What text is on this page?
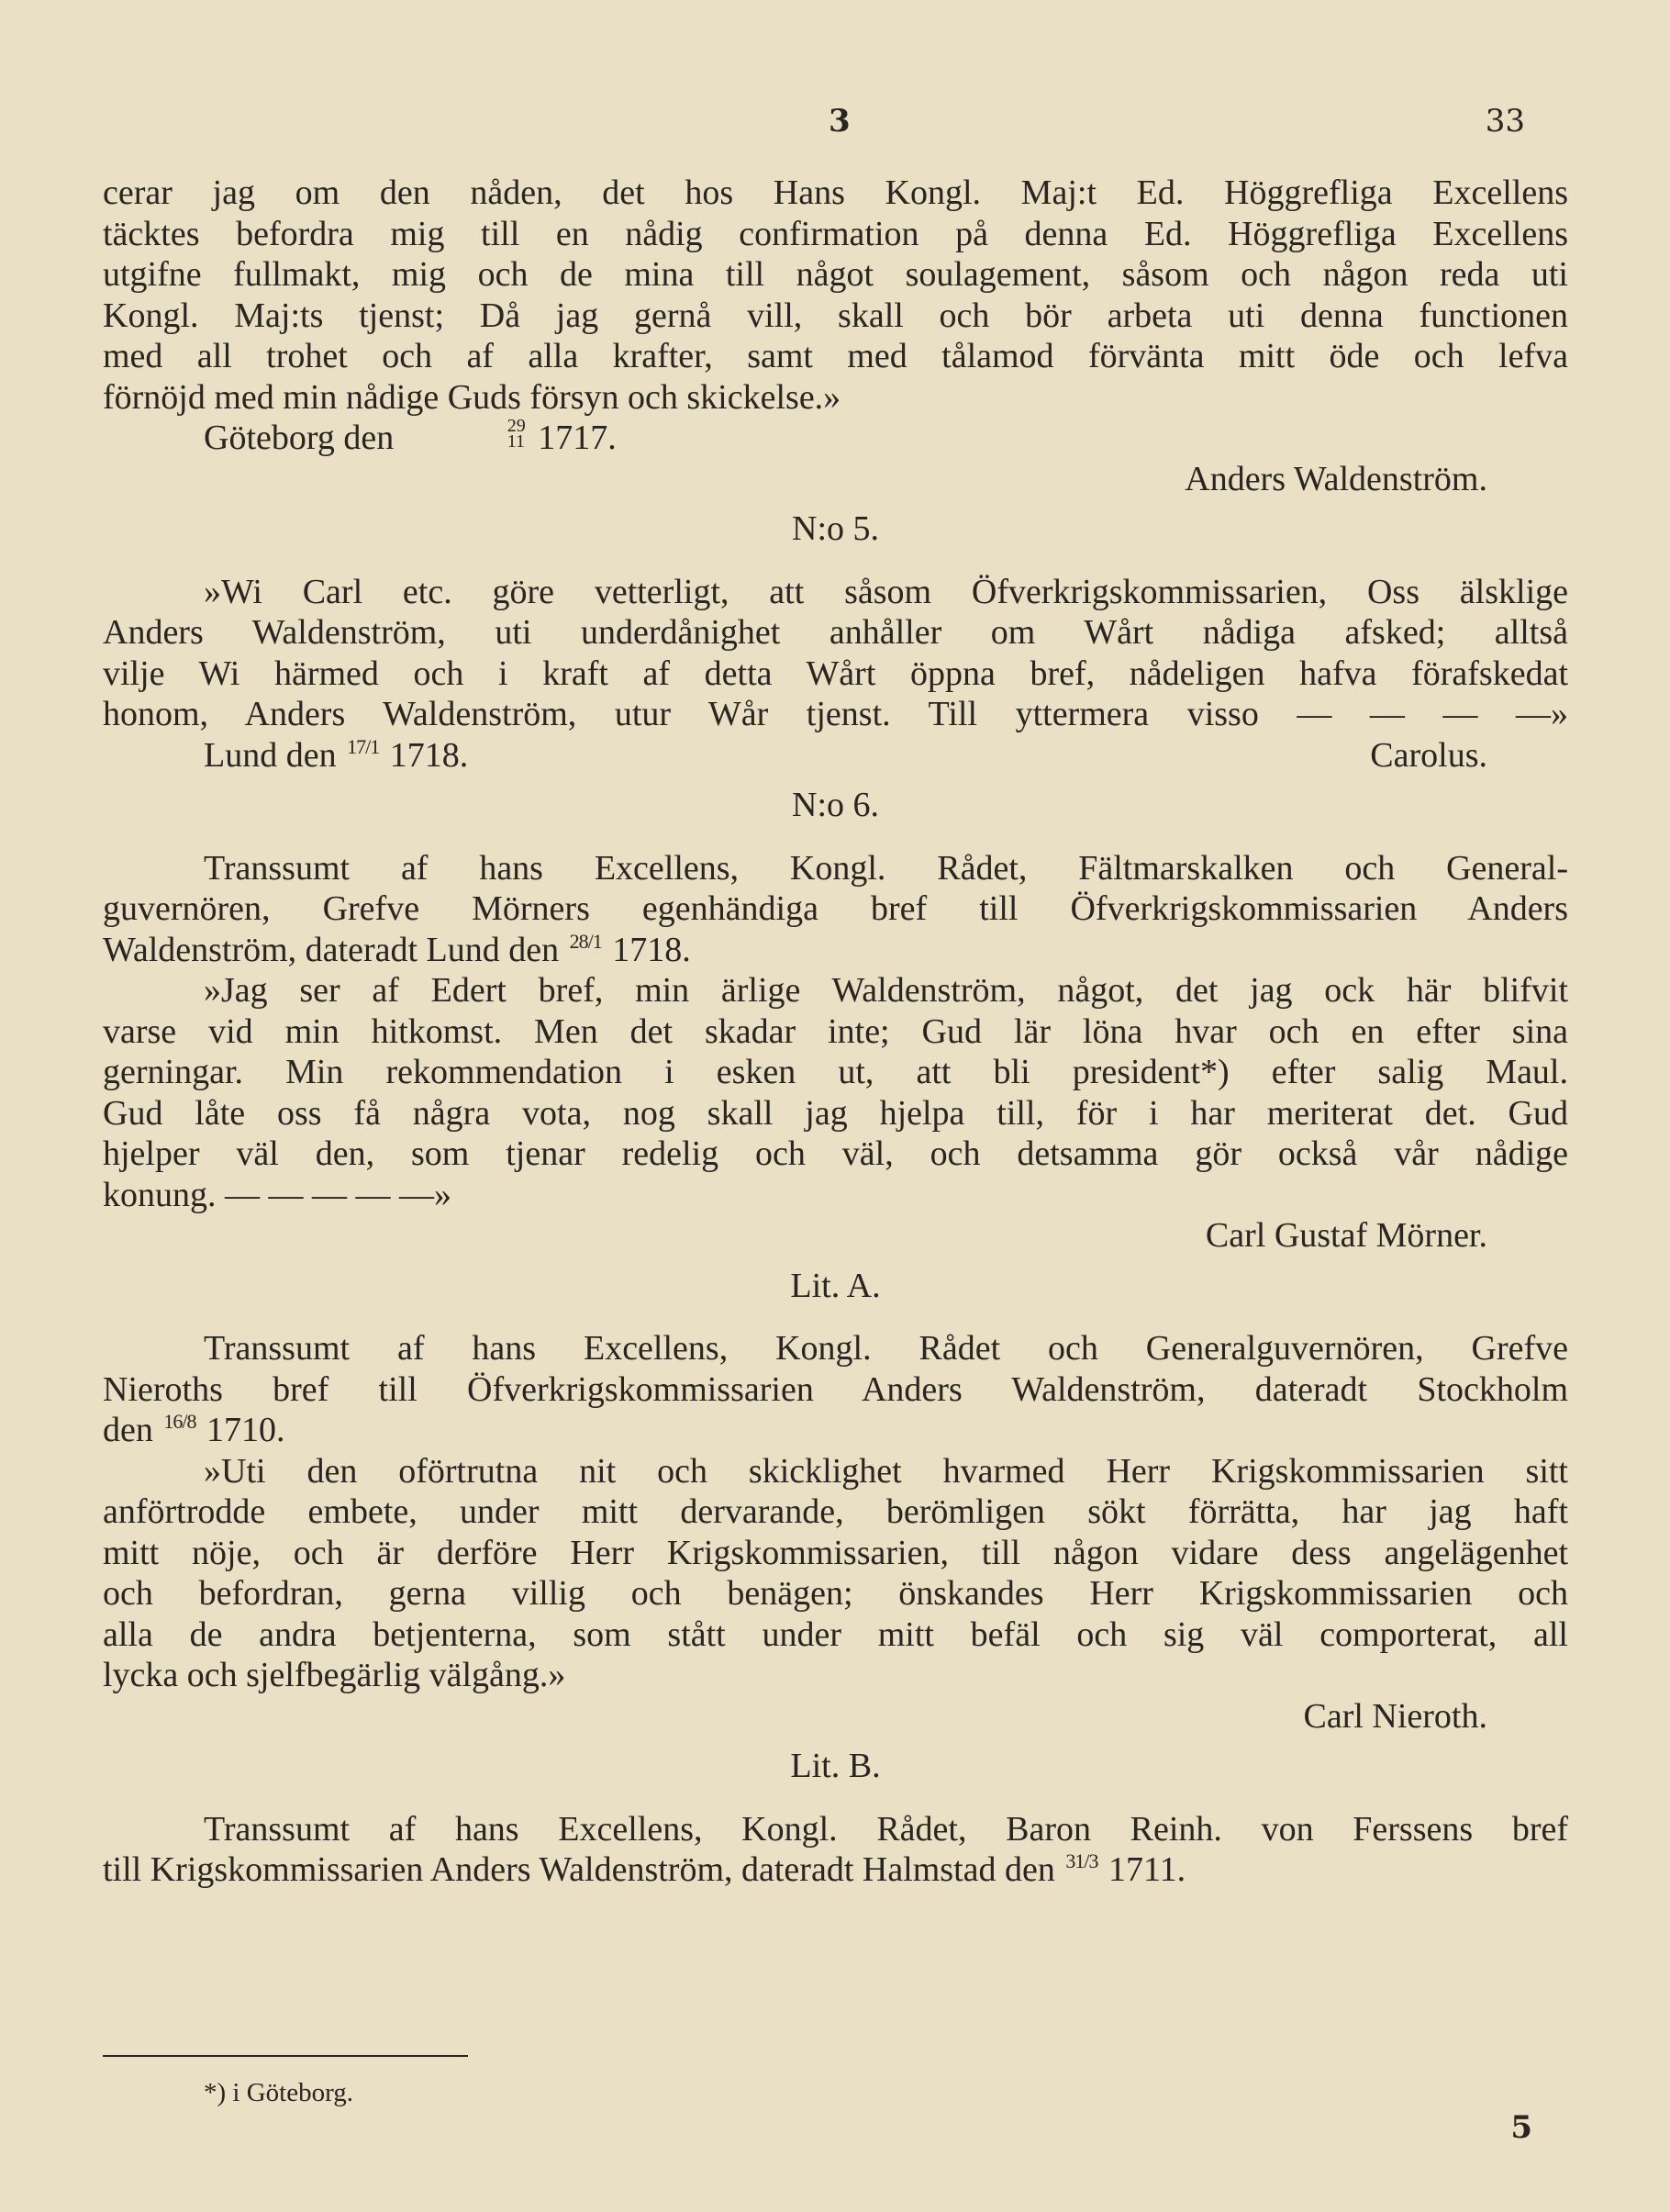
3	33
cerar jag om den nåden, det hos Hans Kongl. Maj:t Ed. Höggrefliga Excellens
täcktes befordra mig till en nådig confirmation på denna Ed. Höggrefliga Excellens
utgifne fullmakt, mig och de mina till något soulagement, såsom och någon reda uti
Kongl. Maj:ts tjenst; Då jag gernå vill, skall och bör arbeta uti denna functionen
med all trohet och af alla krafter, samt med tålamod förvänta mitt öde och lefva
förnöjd med min nådige Guds försyn och skickelse.»
Göteborg den	29
11 1717.
Anders Waldenström.
N:o 5.
»Wi Carl etc. göre vetterligt, att såsom Öfverkrigskommissarien, Oss älsklige
Anders Waldenström, uti underdånighet anhåller om Wårt nådiga afsked; alltså
vilje Wi härmed och i kraft af detta Wårt öppna bref, nådeligen hafva förafskedat
honom, Anders Waldenström, utur Wår tjenst. Till yttermera visso — — — —»
Lund den $^{17/1}$ 1718.	Carolus.
N:o 6.
Transsumt af hans Excellens, Kongl. Rådet, Fältmarskalken och General-
guvernören, Grefve Mörners egenhändiga bref till Öfverkrigskommissarien Anders
Waldenström, dateradt Lund den $^{28/1}$ 1718.
»Jag ser af Edert bref, min ärlige Waldenström, något, det jag ock här blifvit
varse vid min hitkomst. Men det skadar inte; Gud lär löna hvar och en efter sina
gerningar. Min rekommendation i esken ut, att bli president*) efter salig Maul.
Gud låte oss få några vota, nog skall jag hjelpa till, för i har meriterat det. Gud
hjelper väl den, som tjenar redelig och väl, och detsamma gör också vår nådige
konung. — — — — —»
Carl Gustaf Mörner.
Lit. A.
Transsumt af hans Excellens, Kongl. Rådet och Generalguvernören, Grefve
Nieroths bref till Öfverkrigskommissarien Anders Waldenström, dateradt Stockholm
den $^{16/8}$ 1710.
»Uti den oförtrutna nit och skicklighet hvarmed Herr Krigskommissarien sitt
anförtrodde embete, under mitt dervarande, berömligen sökt förrätta, har jag haft
mitt nöje, och är derföre Herr Krigskommissarien, till någon vidare dess angelägenhet
och befordran, gerna villig och benägen; önskandes Herr Krigskommissarien och
alla de andra betjenterna, som stått under mitt befäl och sig väl comporterat, all
lycka och sjelfbegärlig välgång.»
Carl Nieroth.
Lit. B.
Transsumt af hans Excellens, Kongl. Rådet, Baron Reinh. von Ferssens bref
till Krigskommissarien Anders Waldenström, dateradt Halmstad den $^{31/3}$ 1711.
*) i Göteborg.
5
